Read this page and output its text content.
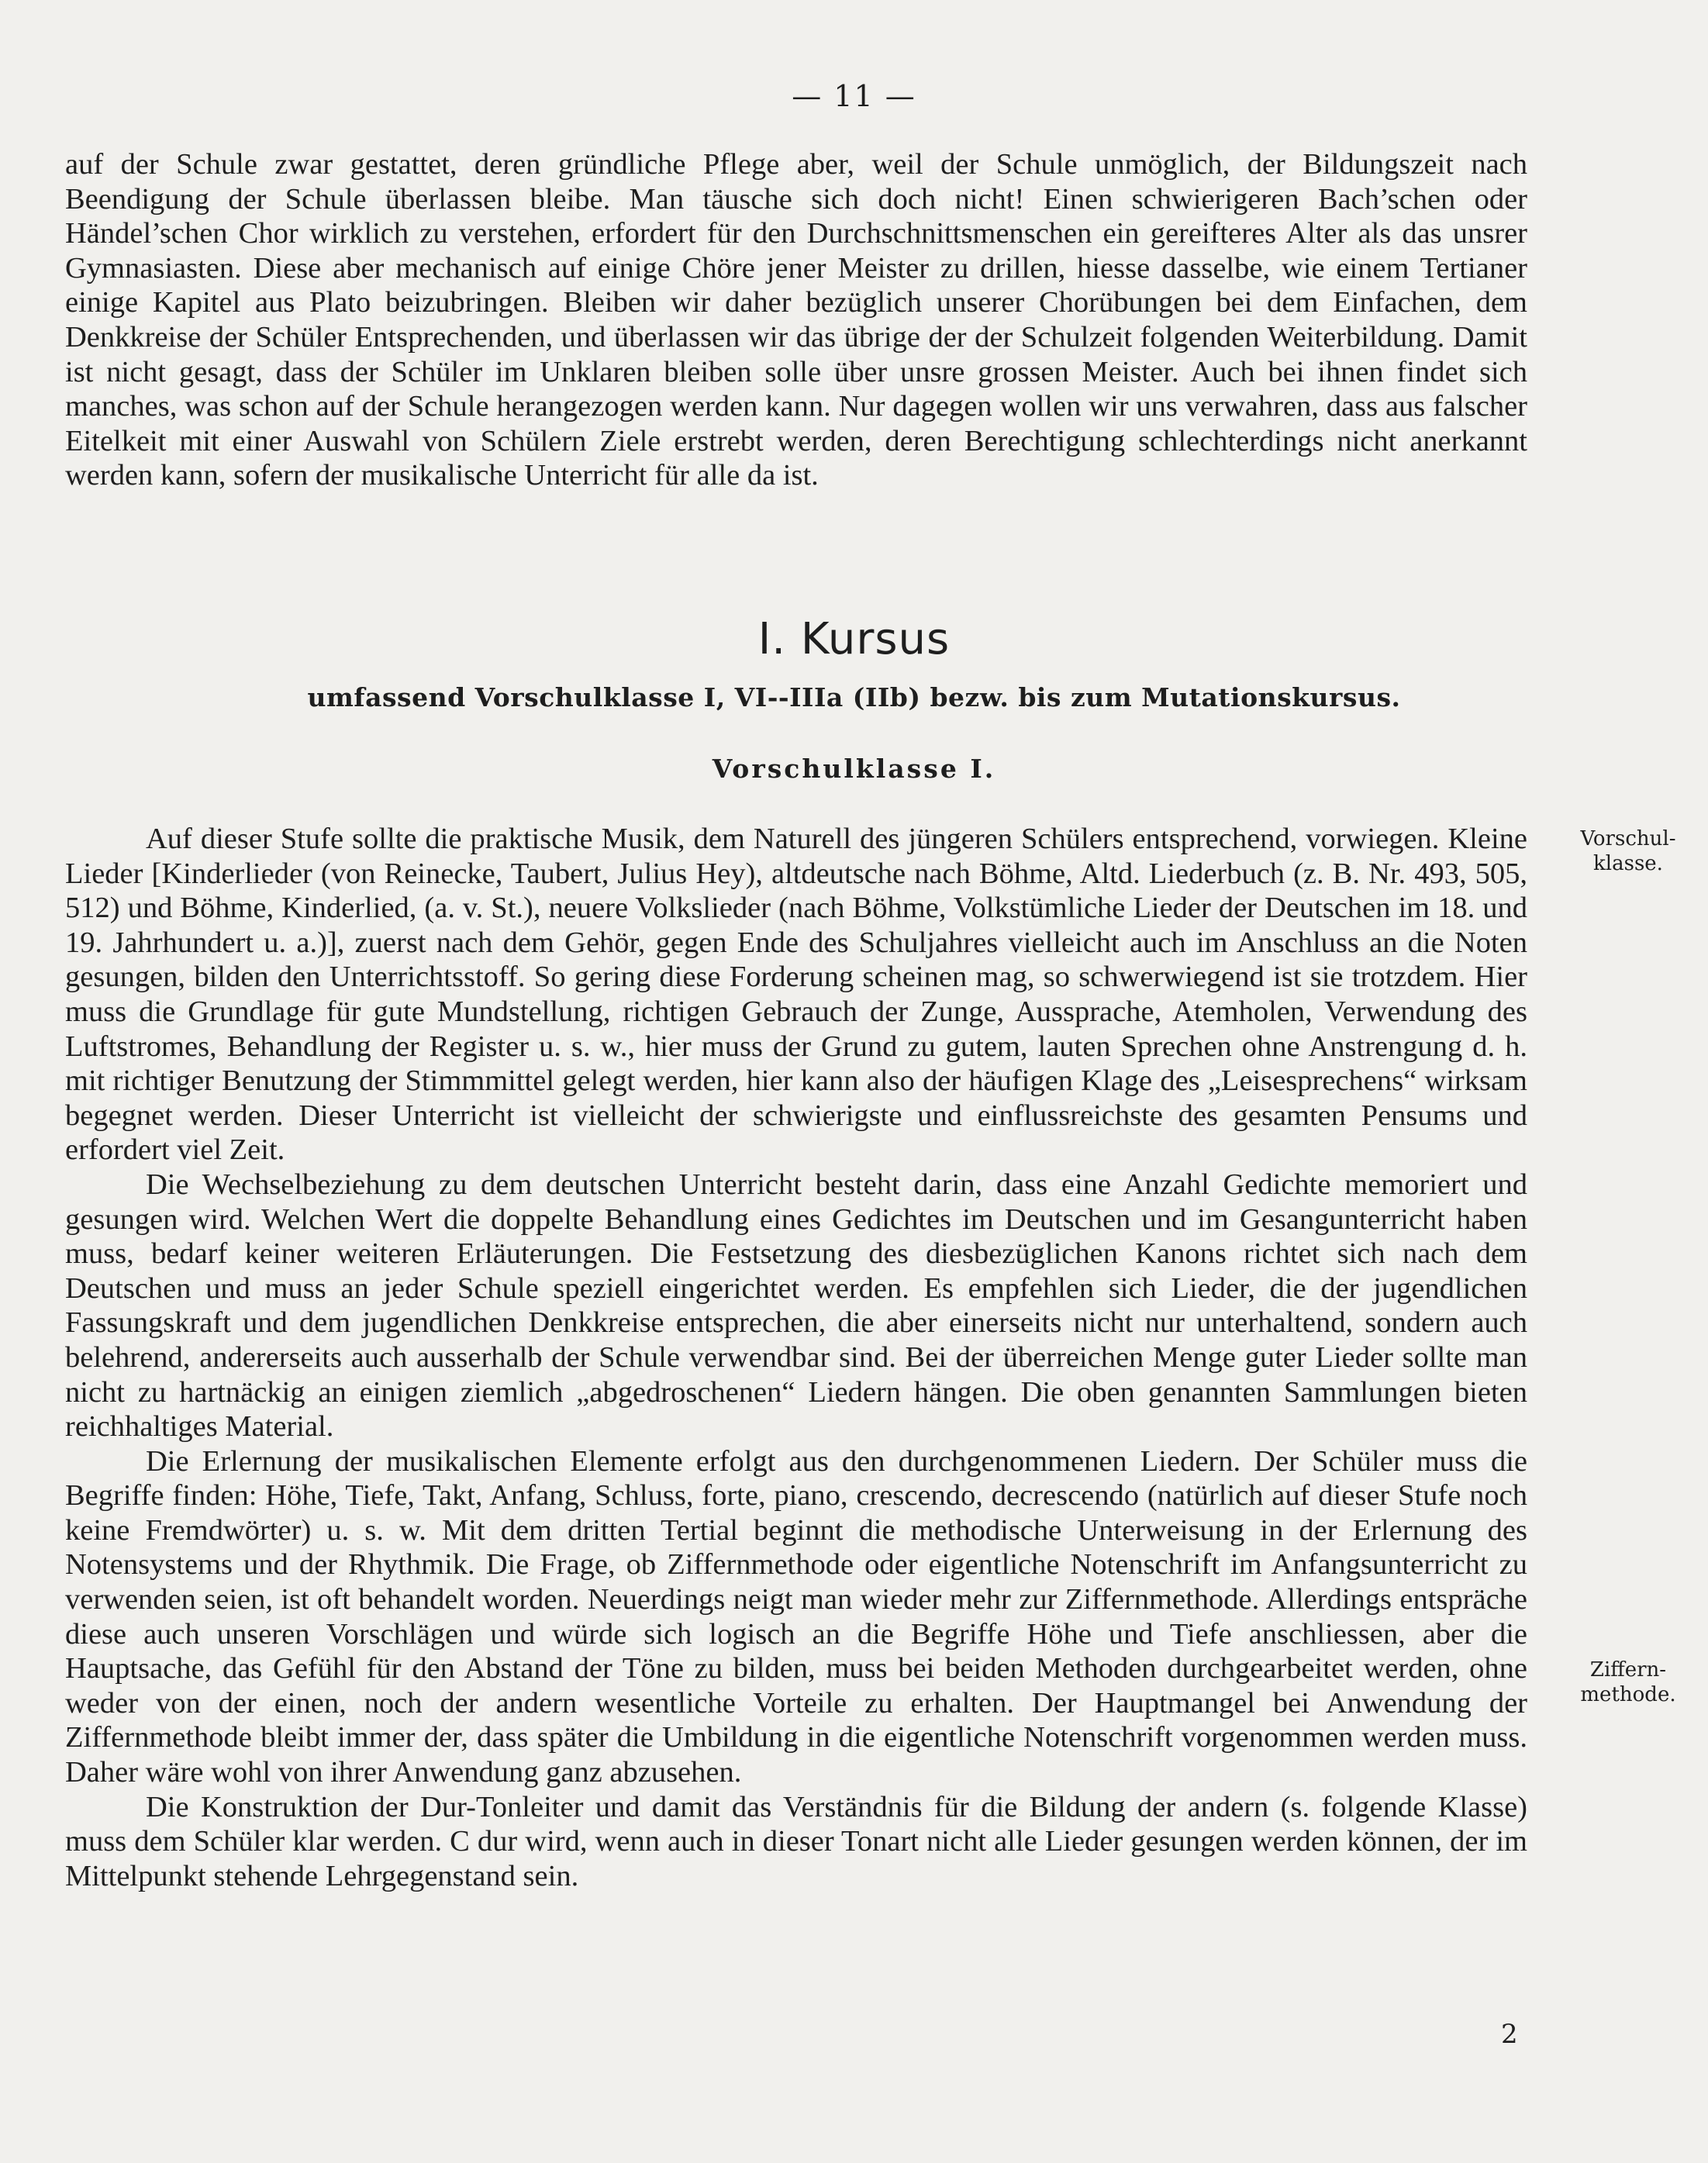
— 11 —

auf der Schule zwar gestattet, deren gründliche Pflege aber, weil der Schule unmöglich, der Bildungszeit nach Beendigung der Schule überlassen bleibe. Man täusche sich doch nicht! Einen schwierigeren Bach’schen oder Händel’schen Chor wirklich zu verstehen, erfordert für den Durchschnittsmenschen ein gereifteres Alter als das unsrer Gymnasiasten. Diese aber mechanisch auf einige Chöre jener Meister zu drillen, hiesse dasselbe, wie einem Tertianer einige Kapitel aus Plato beizubringen. Bleiben wir daher bezüglich unserer Chorübungen bei dem Einfachen, dem Denkkreise der Schüler Entsprechenden, und überlassen wir das übrige der der Schulzeit folgenden Weiterbildung. Damit ist nicht gesagt, dass der Schüler im Unklaren bleiben solle über unsre grossen Meister. Auch bei ihnen findet sich manches, was schon auf der Schule herangezogen werden kann. Nur dagegen wollen wir uns verwahren, dass aus falscher Eitelkeit mit einer Auswahl von Schülern Ziele erstrebt werden, deren Berechtigung schlechterdings nicht anerkannt werden kann, sofern der musikalische Unterricht für alle da ist.

I. Kursus
umfassend Vorschulklasse I, VI--IIIa (IIb) bezw. bis zum Mutationskursus.
Vorschulklasse I.

Auf dieser Stufe sollte die praktische Musik, dem Naturell des jüngeren Schülers entsprechend, vorwiegen. Kleine Lieder [Kinderlieder (von Reinecke, Taubert, Julius Hey), altdeutsche nach Böhme, Altd. Liederbuch (z. B. Nr. 493, 505, 512) und Böhme, Kinderlied, (a. v. St.), neuere Volkslieder (nach Böhme, Volkstümliche Lieder der Deutschen im 18. und 19. Jahrhundert u. a.)], zuerst nach dem Gehör, gegen Ende des Schuljahres vielleicht auch im Anschluss an die Noten gesungen, bilden den Unterrichtsstoff. So gering diese Forderung scheinen mag, so schwerwiegend ist sie trotzdem. Hier muss die Grundlage für gute Mundstellung, richtigen Gebrauch der Zunge, Aussprache, Atemholen, Verwendung des Luftstromes, Behandlung der Register u. s. w., hier muss der Grund zu gutem, lauten Sprechen ohne Anstrengung d. h. mit richtiger Benutzung der Stimmmittel gelegt werden, hier kann also der häufigen Klage des „Leisesprechens“ wirksam begegnet werden. Dieser Unterricht ist vielleicht der schwierigste und einflussreichste des gesamten Pensums und erfordert viel Zeit.

Die Wechselbeziehung zu dem deutschen Unterricht besteht darin, dass eine Anzahl Gedichte memoriert und gesungen wird. Welchen Wert die doppelte Behandlung eines Gedichtes im Deutschen und im Gesangunterricht haben muss, bedarf keiner weiteren Erläuterungen. Die Festsetzung des diesbezüglichen Kanons richtet sich nach dem Deutschen und muss an jeder Schule speziell eingerichtet werden. Es empfehlen sich Lieder, die der jugendlichen Fassungskraft und dem jugendlichen Denkkreise entsprechen, die aber einerseits nicht nur unterhaltend, sondern auch belehrend, andererseits auch ausserhalb der Schule verwendbar sind. Bei der überreichen Menge guter Lieder sollte man nicht zu hartnäckig an einigen ziemlich „abgedroschenen“ Liedern hängen. Die oben genannten Sammlungen bieten reichhaltiges Material.

Die Erlernung der musikalischen Elemente erfolgt aus den durchgenommenen Liedern. Der Schüler muss die Begriffe finden: Höhe, Tiefe, Takt, Anfang, Schluss, forte, piano, crescendo, decrescendo (natürlich auf dieser Stufe noch keine Fremdwörter) u. s. w. Mit dem dritten Tertial beginnt die methodische Unterweisung in der Erlernung des Notensystems und der Rhythmik. Die Frage, ob Ziffernmethode oder eigentliche Notenschrift im Anfangsunterricht zu verwenden seien, ist oft behandelt worden. Neuerdings neigt man wieder mehr zur Ziffernmethode. Allerdings entspräche diese auch unseren Vorschlägen und würde sich logisch an die Begriffe Höhe und Tiefe anschliessen, aber die Hauptsache, das Gefühl für den Abstand der Töne zu bilden, muss bei beiden Methoden durchgearbeitet werden, ohne weder von der einen, noch der andern wesentliche Vorteile zu erhalten. Der Hauptmangel bei Anwendung der Ziffernmethode bleibt immer der, dass später die Umbildung in die eigentliche Notenschrift vorgenommen werden muss. Daher wäre wohl von ihrer Anwendung ganz abzusehen.

Die Konstruktion der Dur-Tonleiter und damit das Verständnis für die Bildung der andern (s. folgende Klasse) muss dem Schüler klar werden. C dur wird, wenn auch in dieser Tonart nicht alle Lieder gesungen werden können, der im Mittelpunkt stehende Lehrgegenstand sein.

Vorschul-
klasse.
Ziffern-
methode.
2
